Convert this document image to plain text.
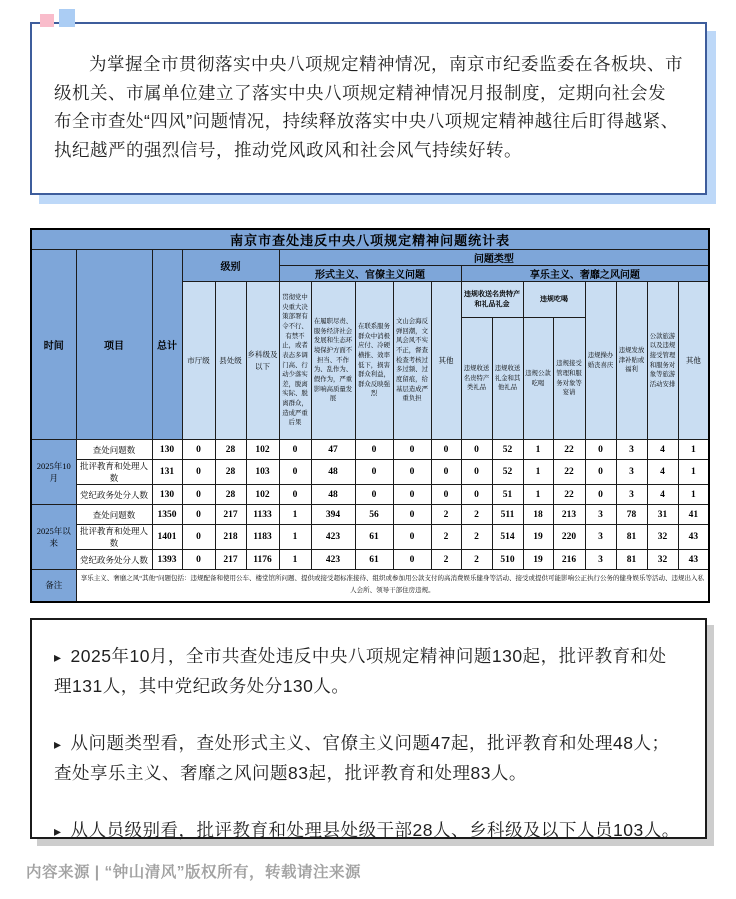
为掌握全市贯彻落实中央八项规定精神情况，南京市纪委监委在各板块、市级机关、市属单位建立了落实中央八项规定精神情况月报制度，定期向社会发布全市查处“四风”问题情况，持续释放落实中央八项规定精神越往后盯得越紧、执纪越严的强烈信号，推动党风政风和社会风气持续好转。

南京市查处违反中央八项规定精神问题统计表																		
时间	项目	总计	级别			问题类型												
						形式主义、官僚主义问题					享乐主义、奢靡之风问题							
			市厅级	县处级	乡科级及以下	贯彻党中央重大决策部署有令不行、有禁不止，或者表态多调门高、行动少落实差，脱离实际、脱离群众，造成严重后果	在履职尽责、服务经济社会发展和生态环境保护方面不担当、不作为、乱作为、假作为，严重影响高质量发展	在联系服务群众中消极应付、冷硬横推、效率低下，损害群众利益，群众反映强烈	文山会海反弹回潮，文风会风不实不正，督查检查考核过多过频、过度留痕，给基层造成严重负担	其他	违规收送名贵特产和礼品礼金		违规吃喝		违规操办婚丧喜庆	违规发放津补贴或福利	公款旅游以及违规接受管理和服务对象等旅游活动安排	其他
											违规收送名贵特产类礼品	违规收送礼金和其他礼品	违规公款吃喝	违规接受管理和服务对象等宴请				
2025年10月	查处问题数	130	0	28	102	0	47	0	0	0	0	52	1	22	0	3	4	1
	批评教育和处理人数	131	0	28	103	0	48	0	0	0	0	52	1	22	0	3	4	1
	党纪政务处分人数	130	0	28	102	0	48	0	0	0	0	51	1	22	0	3	4	1
2025年以来	查处问题数	1350	0	217	1133	1	394	56	0	2	2	511	18	213	3	78	31	41
	批评教育和处理人数	1401	0	218	1183	1	423	61	0	2	2	514	19	220	3	81	32	43
	党纪政务处分人数	1393	0	217	1176	1	423	61	0	2	2	510	19	216	3	81	32	43
备注	享乐主义、奢靡之风“其他”问题包括：违规配备和使用公车、楼堂馆所问题、提供或接受超标准接待、组织或参加用公款支付的高消费娱乐健身等活动、接受或提供可能影响公正执行公务的健身娱乐等活动、违规出入私人会所、领导干部住房违规。																	

▸ 2025年10月，全市共查处违反中央八项规定精神问题130起，批评教育和处理131人，其中党纪政务处分130人。

▸ 从问题类型看，查处形式主义、官僚主义问题47起，批评教育和处理48人；查处享乐主义、奢靡之风问题83起，批评教育和处理83人。

▸ 从人员级别看，批评教育和处理县处级干部28人、乡科级及以下人员103人。

内容来源 | “钟山清风”版权所有，转载请注来源
